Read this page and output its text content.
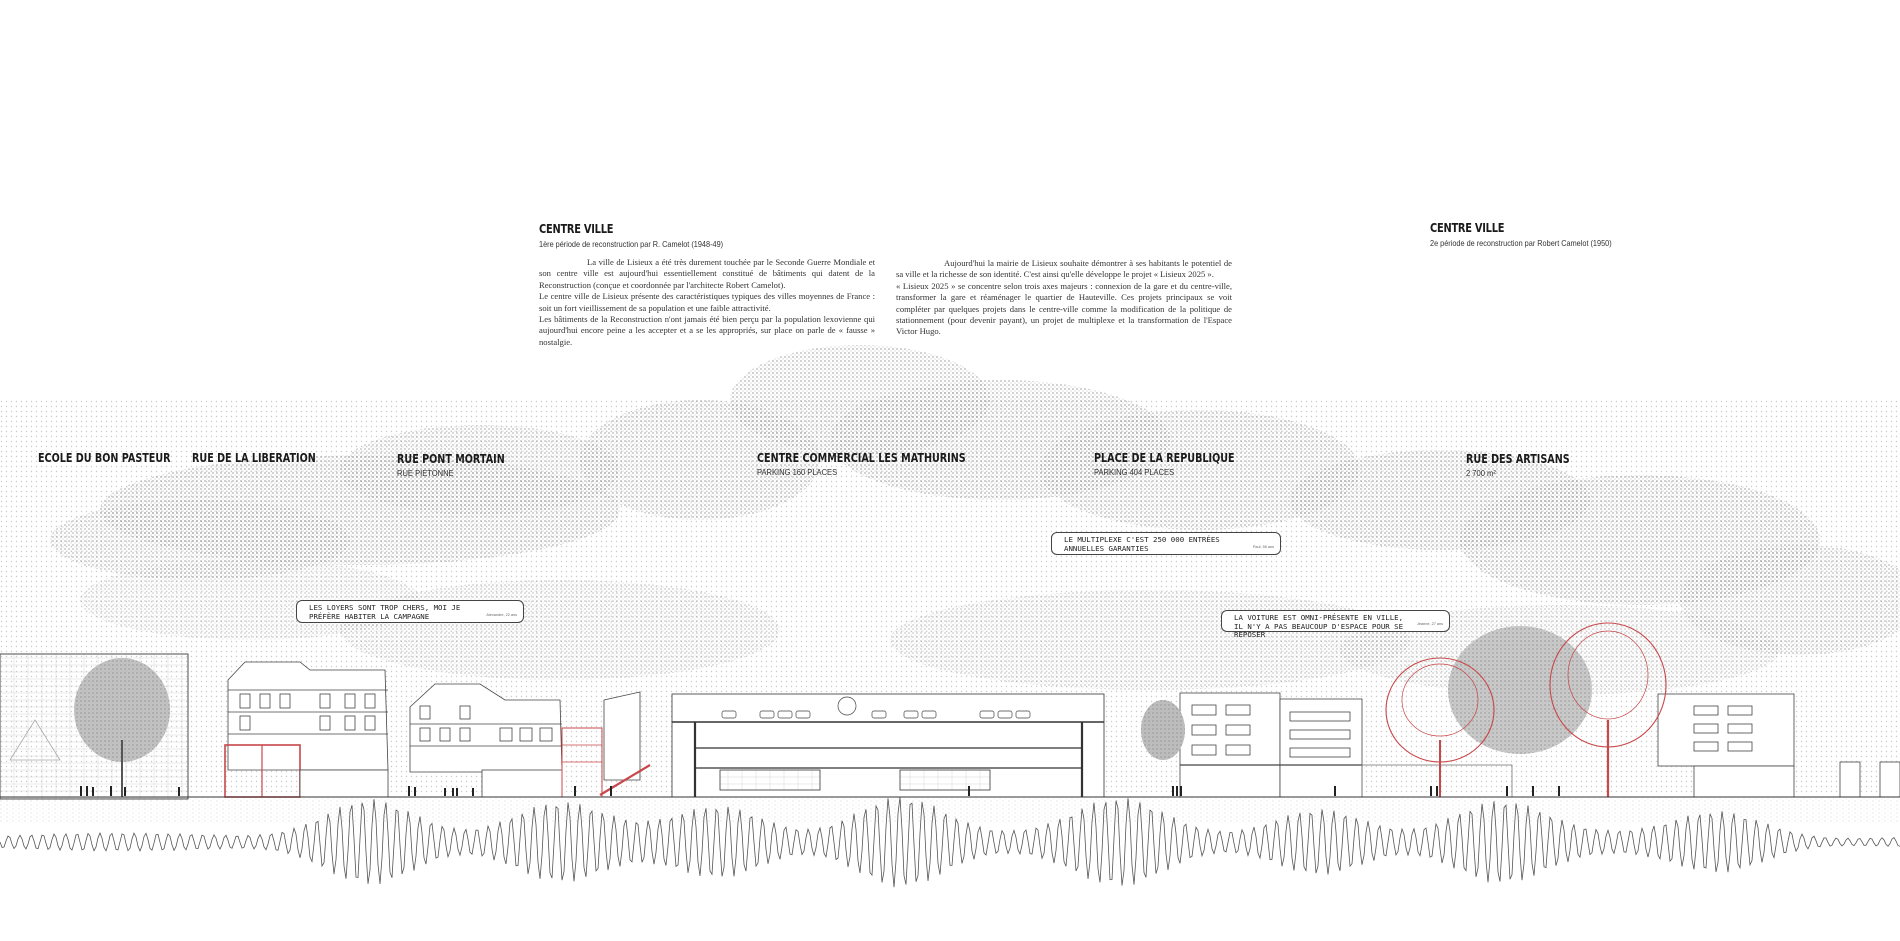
CENTRE VILLE
1ère période de reconstruction par R. Camelot (1948-49)

La ville de Lisieux a été très durement touchée par le Seconde Guerre Mondiale et son centre ville est aujourd'hui essentiellement constitué de bâtiments qui datent de la Reconstruction (conçue et coordonnée par l'architecte Robert Camelot).

Le centre ville de Lisieux présente des caractéristiques typiques des villes moyennes de France : soit un fort vieillissement de sa population et une faible attractivité.

Les bâtiments de la Reconstruction n'ont jamais été bien perçu par la population lexovienne qui aujourd'hui encore peine a les accepter et a se les appropriés, sur place on parle de « fausse » nostalgie.

Aujourd'hui la mairie de Lisieux souhaite démontrer à ses habitants le potentiel de sa ville et la richesse de son identité. C'est ainsi qu'elle développe le projet « Lisieux 2025 ».

« Lisieux 2025 » se concentre selon trois axes majeurs : connexion de la gare et du centre-ville, transformer la gare et réaménager le quartier de Hauteville. Ces projets principaux se voit compléter par quelques projets dans le centre-ville comme la modification de la politique de stationnement (pour devenir payant), un projet de multiplexe et la transformation de l'Espace Victor Hugo.

CENTRE VILLE
2e période de reconstruction par Robert Camelot (1950)
ECOLE DU BON PASTEUR RUE DE LA LIBERATION	RUE PONT MORTAIN
RUE PIETONNE
CENTRE COMMERCIAL LES MATHURINS
PARKING 160 PLACES
PLACE DE LA REPUBLIQUE
PARKING 404 PLACES
RUE DES ARTISANS
2 700 m²
LES LOYERS SONT TROP CHERS, MOI JE PRÉFÈRE HABITER LA CAMPAGNE	Alexandre, 22 ans
LE MULTIPLEXE C'EST 250 000 ENTRÉES ANNUELLES GARANTIES	Paul, 56 ans
LA VOITURE EST OMNI-PRÉSENTE EN VILLE, IL N'Y A PAS BEAUCOUP D'ESPACE POUR SE REPOSER
Jeanne, 27 ans
